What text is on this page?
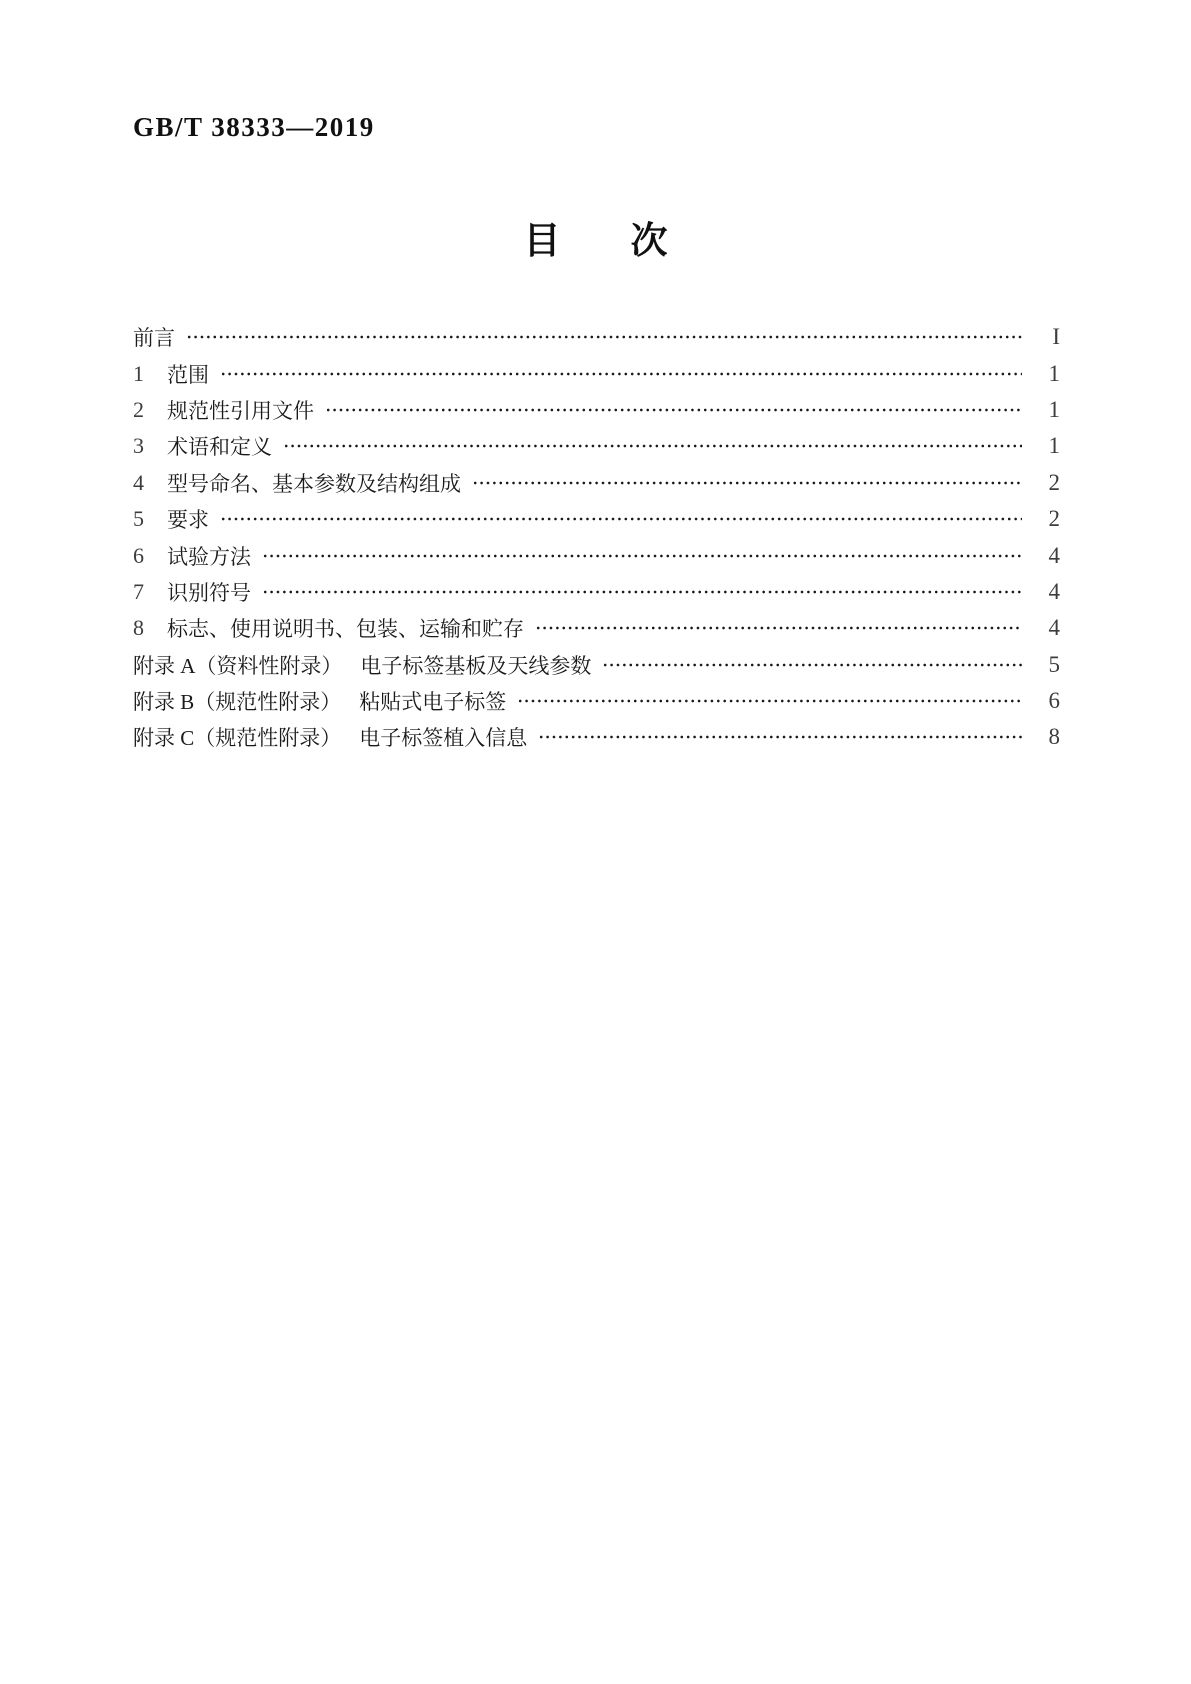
GB/T 38333—2019
目 次
前言	I
1 范围	1
2 规范性引用文件	1
3 术语和定义	1
4 型号命名、基本参数及结构组成	2
5 要求	2
6 试验方法	4
7 识别符号	4
8 标志、使用说明书、包装、运输和贮存	4
附录 A（资料性附录） 电子标签基板及天线参数	5
附录 B（规范性附录） 粘贴式电子标签	6
附录 C（规范性附录） 电子标签植入信息	8
